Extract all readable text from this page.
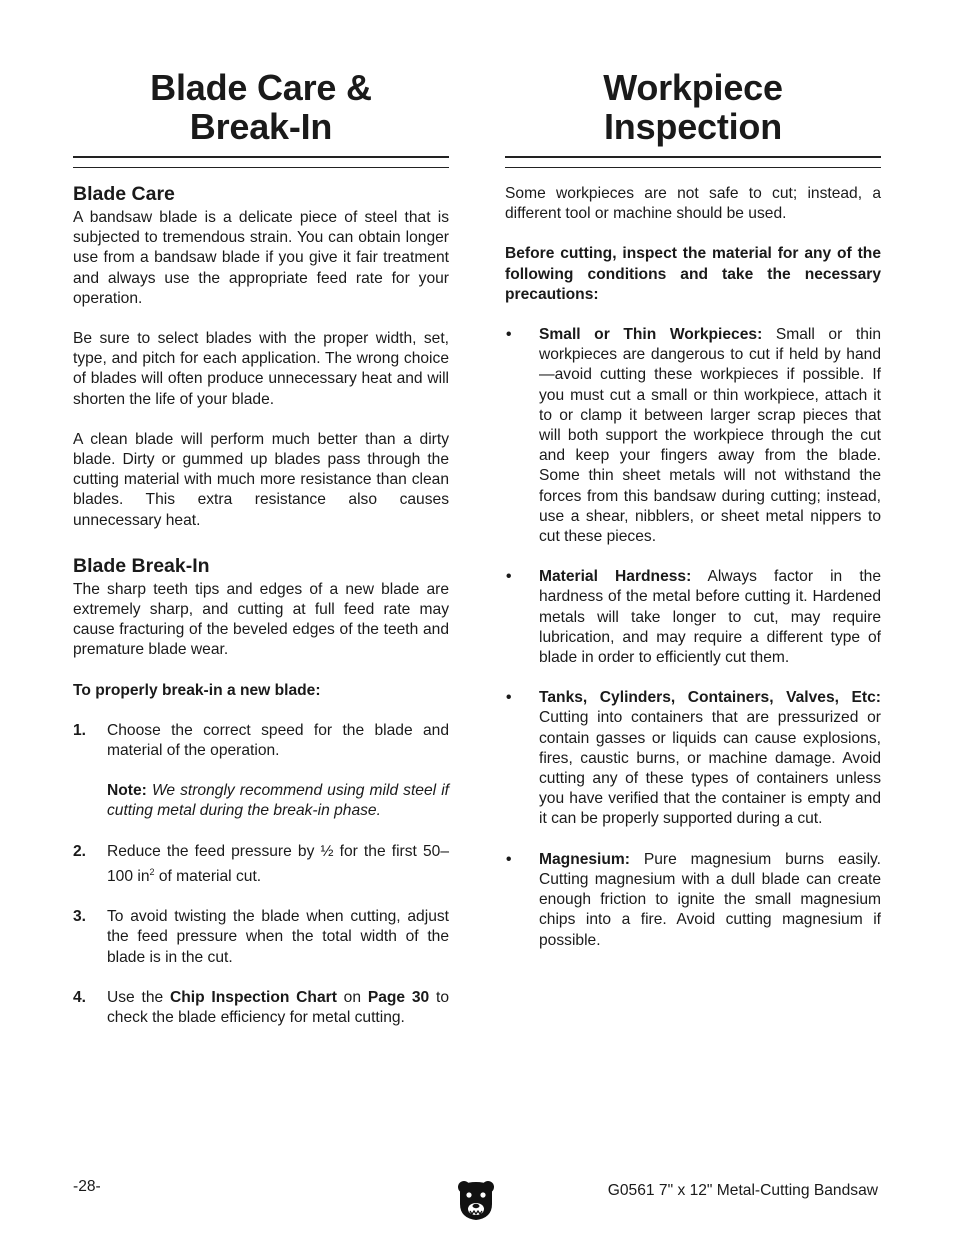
Blade Care &
Break-In
Blade Care

A bandsaw blade is a delicate piece of steel that is subjected to tremendous strain. You can obtain longer use from a bandsaw blade if you give it fair treatment and always use the appropriate feed rate for your operation.

Be sure to select blades with the proper width, set, type, and pitch for each application. The wrong choice of blades will often produce unnecessary heat and will shorten the life of your blade.

A clean blade will perform much better than a dirty blade. Dirty or gummed up blades pass through the cutting material with much more resistance than clean blades. This extra resistance also causes unnecessary heat.

Blade Break-In

The sharp teeth tips and edges of a new blade are extremely sharp, and cutting at full feed rate may cause fracturing of the beveled edges of the teeth and premature blade wear.

To properly break-in a new blade:

1. Choose the correct speed for the blade and material of the operation.
Note: We strongly recommend using mild steel if cutting metal during the break-in phase.
2. Reduce the feed pressure by ½ for the first 50–100 $in^2$ of material cut.
3. To avoid twisting the blade when cutting, adjust the feed pressure when the total width of the blade is in the cut.
4. Use the Chip Inspection Chart on Page 30 to check the blade efficiency for metal cutting.
Workpiece
Inspection

Some workpieces are not safe to cut; instead, a different tool or machine should be used.

Before cutting, inspect the material for any of the following conditions and take the necessary precautions:

• Small or Thin Workpieces: Small or thin workpieces are dangerous to cut if held by hand—avoid cutting these workpieces if possible. If you must cut a small or thin workpiece, attach it to or clamp it between larger scrap pieces that will both support the workpiece through the cut and keep your fingers away from the blade. Some thin sheet metals will not withstand the forces from this bandsaw during cutting; instead, use a shear, nibblers, or sheet metal nippers to cut these pieces.
• Material Hardness: Always factor in the hardness of the metal before cutting it. Hardened metals will take longer to cut, may require lubrication, and may require a different type of blade in order to efficiently cut them.
• Tanks, Cylinders, Containers, Valves, Etc: Cutting into containers that are pressurized or contain gasses or liquids can cause explosions, fires, caustic burns, or machine damage. Avoid cutting any of these types of containers unless you have verified that the container is empty and it can be properly supported during a cut.
• Magnesium: Pure magnesium burns easily. Cutting magnesium with a dull blade can create enough friction to ignite the small magnesium chips into a fire. Avoid cutting magnesium if possible.
-28-	G0561 7" x 12" Metal-Cutting Bandsaw
